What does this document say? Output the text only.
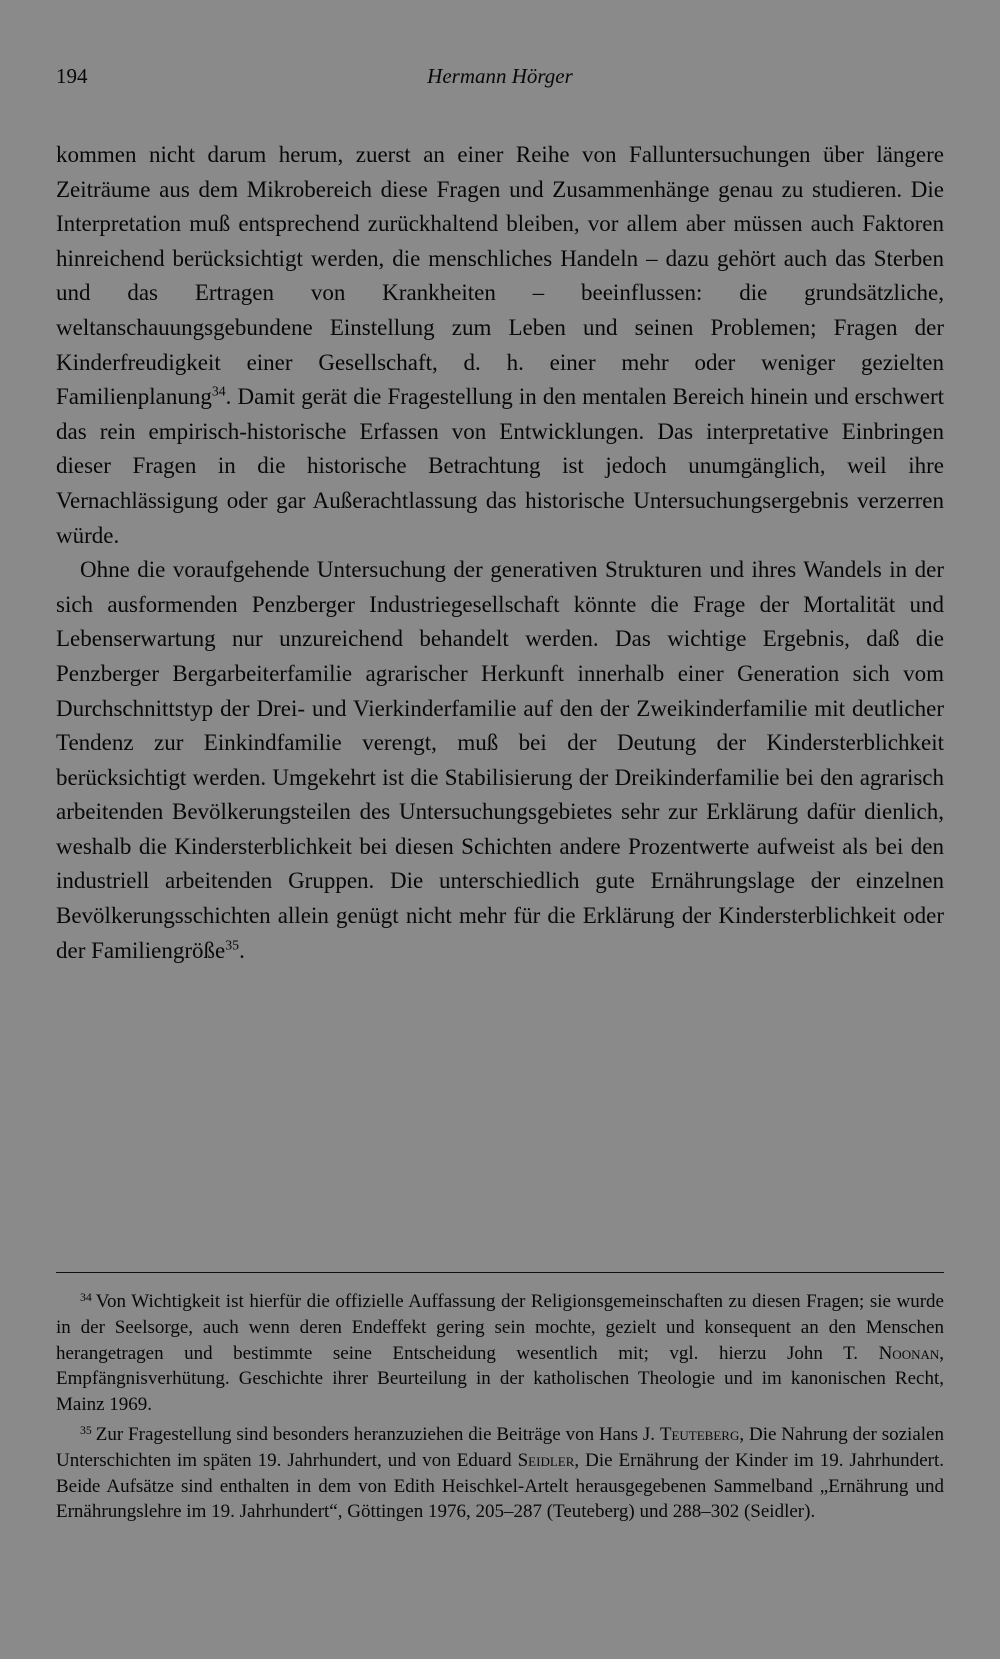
194	Hermann Hörger

kommen nicht darum herum, zuerst an einer Reihe von Falluntersuchungen über längere Zeiträume aus dem Mikrobereich diese Fragen und Zusammenhänge genau zu studieren. Die Interpretation muß entsprechend zurückhaltend bleiben, vor allem aber müssen auch Faktoren hinreichend berücksichtigt werden, die menschliches Handeln – dazu gehört auch das Sterben und das Ertragen von Krankheiten – beeinflussen: die grundsätzliche, weltanschauungsgebundene Einstellung zum Leben und seinen Problemen; Fragen der Kinderfreudigkeit einer Gesellschaft, d. h. einer mehr oder weniger gezielten Familienplanung$^{34}$. Damit gerät die Fragestellung in den mentalen Bereich hinein und erschwert das rein empirisch-historische Erfassen von Entwicklungen. Das interpretative Einbringen dieser Fragen in die historische Betrachtung ist jedoch unumgänglich, weil ihre Vernachlässigung oder gar Außerachtlassung das historische Untersuchungsergebnis verzerren würde.

Ohne die voraufgehende Untersuchung der generativen Strukturen und ihres Wandels in der sich ausformenden Penzberger Industriegesellschaft könnte die Frage der Mortalität und Lebenserwartung nur unzureichend behandelt werden. Das wichtige Ergebnis, daß die Penzberger Bergarbeiterfamilie agrarischer Herkunft innerhalb einer Generation sich vom Durchschnittstyp der Drei- und Vierkinderfamilie auf den der Zweikinderfamilie mit deutlicher Tendenz zur Einkindfamilie verengt, muß bei der Deutung der Kindersterblichkeit berücksichtigt werden. Umgekehrt ist die Stabilisierung der Dreikinderfamilie bei den agrarisch arbeitenden Bevölkerungsteilen des Untersuchungsgebietes sehr zur Erklärung dafür dienlich, weshalb die Kindersterblichkeit bei diesen Schichten andere Prozentwerte aufweist als bei den industriell arbeitenden Gruppen. Die unterschiedlich gute Ernährungslage der einzelnen Bevölkerungsschichten allein genügt nicht mehr für die Erklärung der Kindersterblichkeit oder der Familiengröße$^{35}$.

$^{34}$ Von Wichtigkeit ist hierfür die offizielle Auffassung der Religionsgemeinschaften zu diesen Fragen; sie wurde in der Seelsorge, auch wenn deren Endeffekt gering sein mochte, gezielt und konsequent an den Menschen herangetragen und bestimmte seine Entscheidung wesentlich mit; vgl. hierzu John T. Noonan, Empfängnisverhütung. Geschichte ihrer Beurteilung in der katholischen Theologie und im kanonischen Recht, Mainz 1969.

$^{35}$ Zur Fragestellung sind besonders heranzuziehen die Beiträge von Hans J. Teuteberg, Die Nahrung der sozialen Unterschichten im späten 19. Jahrhundert, und von Eduard Seidler, Die Ernährung der Kinder im 19. Jahrhundert. Beide Aufsätze sind enthalten in dem von Edith Heischkel-Artelt herausgegebenen Sammelband „Ernährung und Ernährungslehre im 19. Jahrhundert“, Göttingen 1976, 205–287 (Teuteberg) und 288–302 (Seidler).
